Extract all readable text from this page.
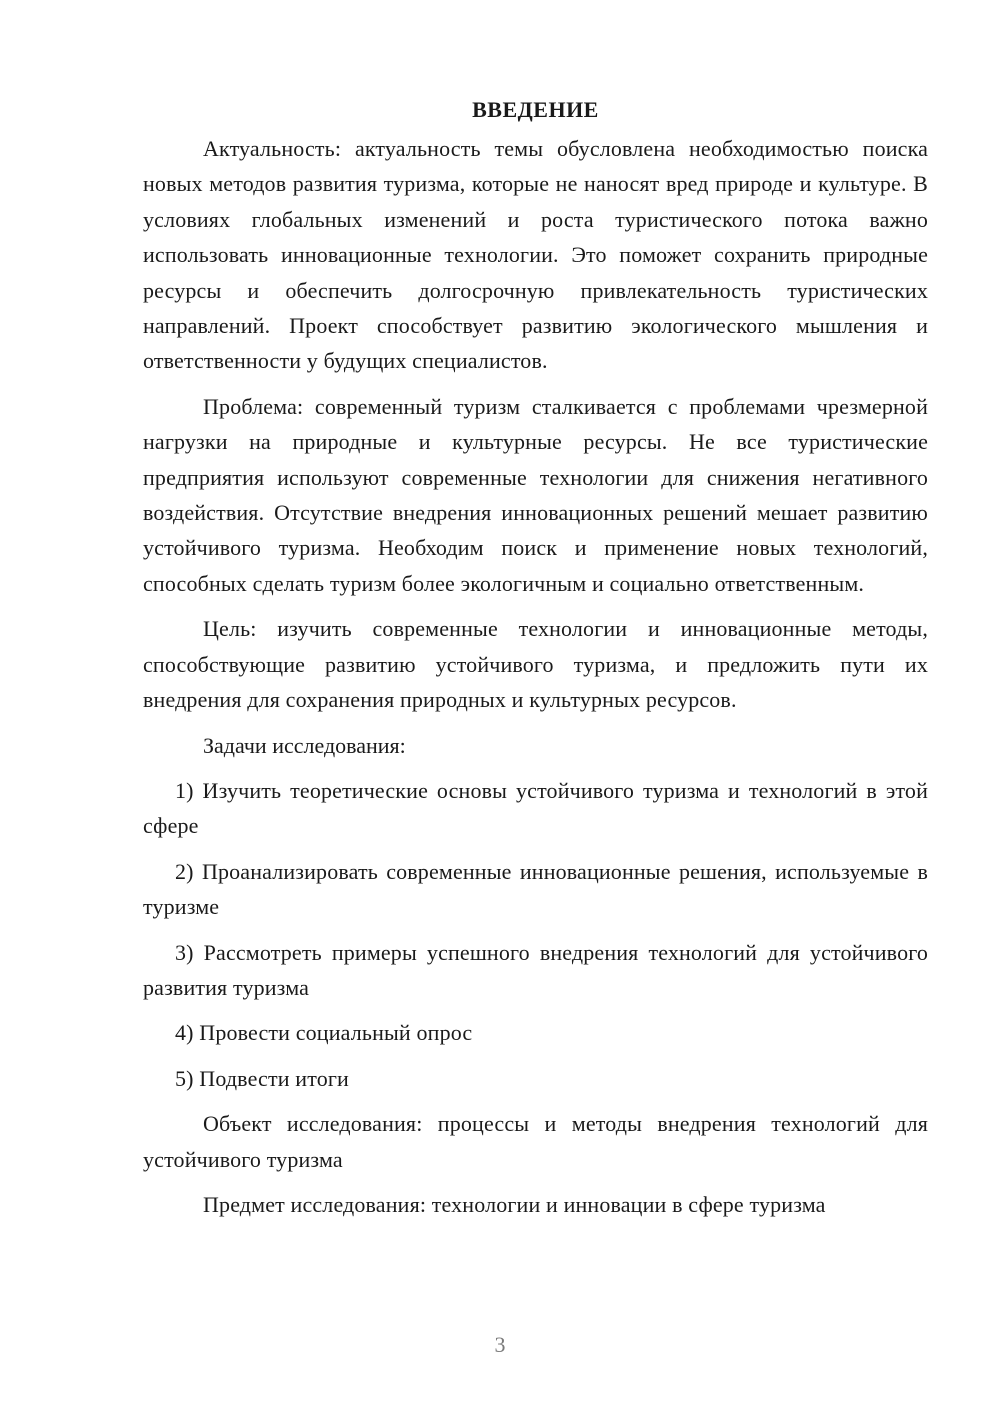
ВВЕДЕНИЕ

Актуальность: актуальность темы обусловлена необходимостью поиска новых методов развития туризма, которые не наносят вред природе и культуре. В условиях глобальных изменений и роста туристического потока важно использовать инновационные технологии. Это поможет сохранить природные ресурсы и обеспечить долгосрочную привлекательность туристических направлений. Проект способствует развитию экологического мышления и ответственности у будущих специалистов.

Проблема: современный туризм сталкивается с проблемами чрезмерной нагрузки на природные и культурные ресурсы. Не все туристические предприятия используют современные технологии для снижения негативного воздействия. Отсутствие внедрения инновационных решений мешает развитию устойчивого туризма. Необходим поиск и применение новых технологий, способных сделать туризм более экологичным и социально ответственным.

Цель: изучить современные технологии и инновационные методы, способствующие развитию устойчивого туризма, и предложить пути их внедрения для сохранения природных и культурных ресурсов.

Задачи исследования:

1) Изучить теоретические основы устойчивого туризма и технологий в этой сфере

2) Проанализировать современные инновационные решения, используемые в туризме

3) Рассмотреть примеры успешного внедрения технологий для устойчивого развития туризма

4) Провести социальный опрос

5) Подвести итоги

Объект исследования: процессы и методы внедрения технологий для устойчивого туризма

Предмет исследования: технологии и инновации в сфере туризма

3
